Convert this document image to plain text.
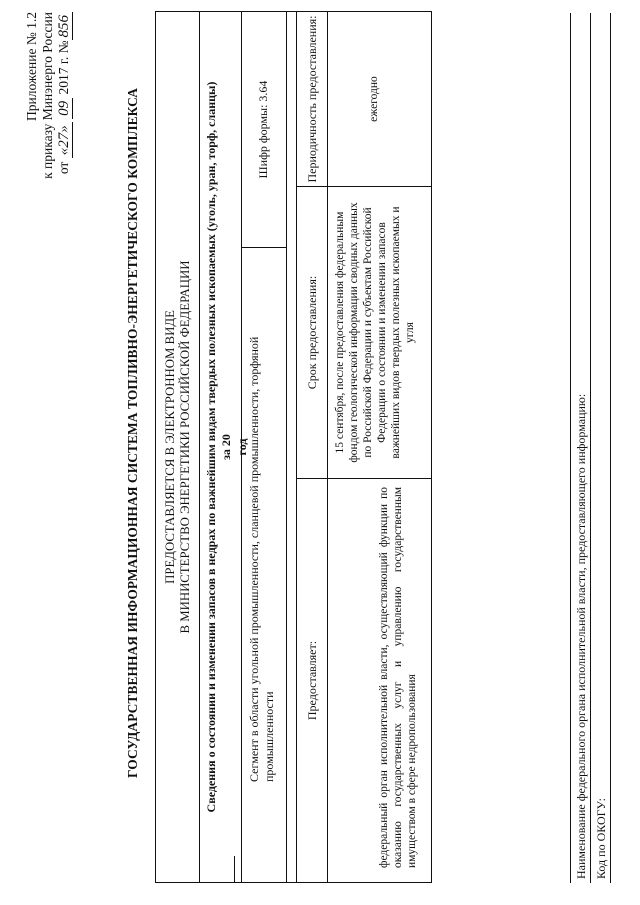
Приложение № 1.2 к приказу Минэнерго России от «27» 09 2017 г. №856
ГОСУДАРСТВЕННАЯ ИНФОРМАЦИОННАЯ СИСТЕМА ТОПЛИВНО-ЭНЕРГЕТИЧЕСКОГО КОМПЛЕКСА ПРЕДОСТАВЛЯЕТСЯ В ЭЛЕКТРОННОМ ВИДЕ В МИНИСТЕРСТВО ЭНЕРГЕТИКИ РОССИЙСКОЙ ФЕДЕРАЦИИ Сведения о состоянии и изменении запасов в недрах по важнейшим видам твердых полезных ископаемых (уголь, уран, торф, сланцы) за 20 год
Сегмент в области угольной промышленности, сланцевой промышленности, торфяной промышленности
Шифр формы: 3.64
Предоставляет:	федеральный орган исполнительной власти, осуществляющий функции по оказанию государственных услуг и управлению государственным имуществом в сфере недропользования
Срок предоставления:	15 сентября, после предоставления федеральным фондом геологической информации сводных данных по Российской Федерации и субъектам Российской Федерации о состоянии и изменении запасов важнейших видов твердых полезных ископаемых и угля
Периодичность предоставления:	ежегодно
Наименование федерального органа исполнительной власти, предоставляющего информацию: Код по ОКОГУ:
